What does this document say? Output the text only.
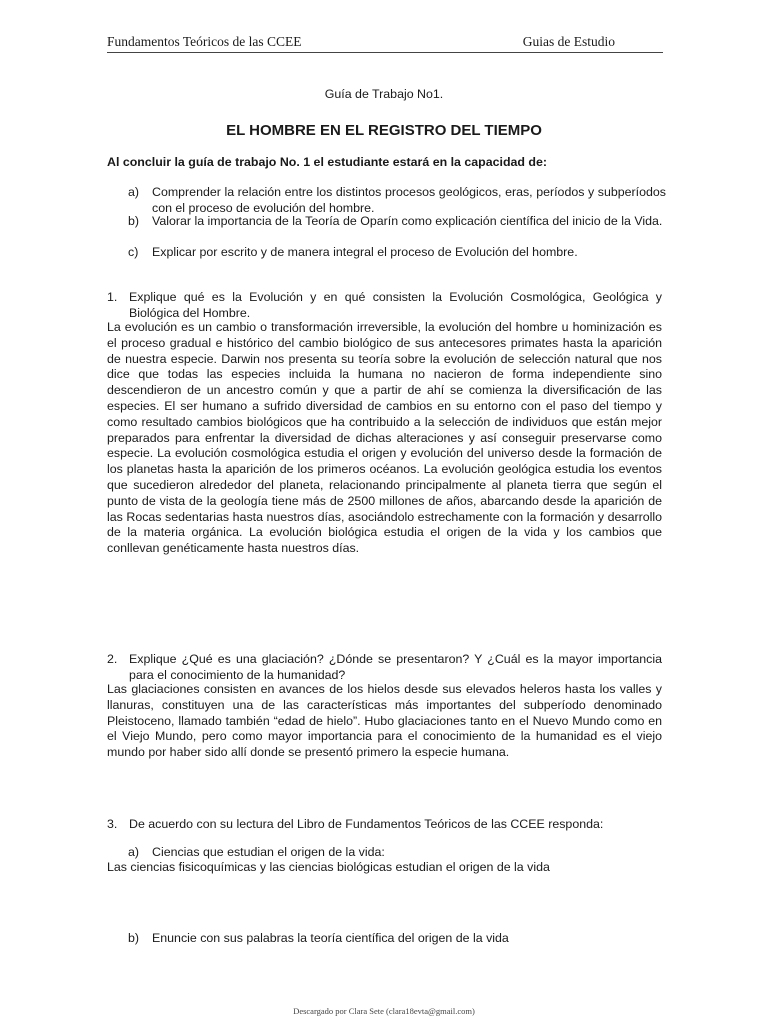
Fundamentos Teóricos de las CCEE	Guias de Estudio
Guía de Trabajo No1.
EL HOMBRE EN EL REGISTRO DEL TIEMPO
Al concluir la guía de trabajo No. 1 el estudiante estará en la capacidad de:
a) Comprender la relación entre los distintos procesos geológicos, eras, períodos y subperíodos con el proceso de evolución del hombre.
b) Valorar la importancia de la Teoría de Oparín como explicación científica del inicio de la Vida.
c) Explicar por escrito y de manera integral el proceso de Evolución del hombre.
1. Explique qué es la Evolución y en qué consisten la Evolución Cosmológica, Geológica y Biológica del Hombre.
La evolución es un cambio o transformación irreversible, la evolución del hombre u hominización es el proceso gradual e histórico del cambio biológico de sus antecesores primates hasta la aparición de nuestra especie. Darwin nos presenta su teoría sobre la evolución de selección natural que nos dice que todas las especies incluida la humana no nacieron de forma independiente sino descendieron de un ancestro común y que a partir de ahí se comienza la diversificación de las especies. El ser humano a sufrido diversidad de cambios en su entorno con el paso del tiempo y como resultado cambios biológicos que ha contribuido a la selección de individuos que están mejor preparados para enfrentar la diversidad de dichas alteraciones y así conseguir preservarse como especie. La evolución cosmológica estudia el origen y evolución del universo desde la formación de los planetas hasta la aparición de los primeros océanos. La evolución geológica estudia los eventos que sucedieron alrededor del planeta, relacionando principalmente al planeta tierra que según el punto de vista de la geología tiene más de 2500 millones de años, abarcando desde la aparición de las Rocas sedentarias hasta nuestros días, asociándolo estrechamente con la formación y desarrollo de la materia orgánica. La evolución biológica estudia el origen de la vida y los cambios que conllevan genéticamente hasta nuestros días.
2. Explique ¿Qué es una glaciación? ¿Dónde se presentaron? Y ¿Cuál es la mayor importancia para el conocimiento de la humanidad?
Las glaciaciones consisten en avances de los hielos desde sus elevados heleros hasta los valles y llanuras, constituyen una de las características más importantes del subperíodo denominado Pleistoceno, llamado también “edad de hielo”. Hubo glaciaciones tanto en el Nuevo Mundo como en el Viejo Mundo, pero como mayor importancia para el conocimiento de la humanidad es el viejo mundo por haber sido allí donde se presentó primero la especie humana.
3. De acuerdo con su lectura del Libro de Fundamentos Teóricos de las CCEE responda:
a) Ciencias que estudian el origen de la vida:
Las ciencias fisicoquímicas y las ciencias biológicas estudian el origen de la vida
b) Enuncie con sus palabras la teoría científica del origen de la vida
Descargado por Clara Sete (clara18evta@gmail.com)
